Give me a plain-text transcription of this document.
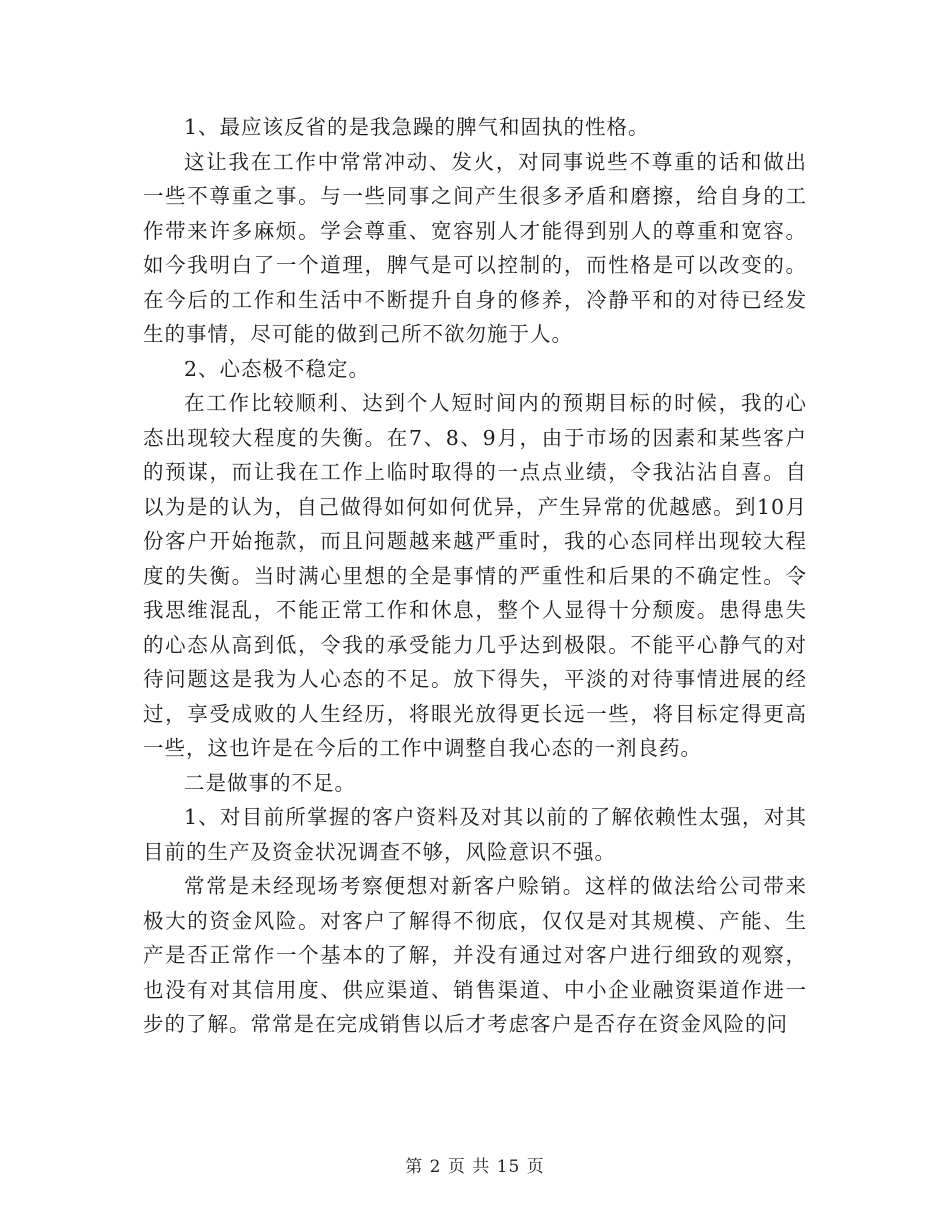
1、最应该反省的是我急躁的脾气和固执的性格。

这让我在工作中常常冲动、发火，对同事说些不尊重的话和做出一些不尊重之事。与一些同事之间产生很多矛盾和磨擦，给自身的工作带来许多麻烦。学会尊重、宽容别人才能得到别人的尊重和宽容。如今我明白了一个道理，脾气是可以控制的，而性格是可以改变的。在今后的工作和生活中不断提升自身的修养，冷静平和的对待已经发生的事情，尽可能的做到己所不欲勿施于人。

2、心态极不稳定。

在工作比较顺利、达到个人短时间内的预期目标的时候，我的心态出现较大程度的失衡。在7、8、9月，由于市场的因素和某些客户的预谋，而让我在工作上临时取得的一点点业绩，令我沾沾自喜。自以为是的认为，自己做得如何如何优异，产生异常的优越感。到10月份客户开始拖款，而且问题越来越严重时，我的心态同样出现较大程度的失衡。当时满心里想的全是事情的严重性和后果的不确定性。令我思维混乱，不能正常工作和休息，整个人显得十分颓废。患得患失的心态从高到低，令我的承受能力几乎达到极限。不能平心静气的对待问题这是我为人心态的不足。放下得失，平淡的对待事情进展的经过，享受成败的人生经历，将眼光放得更长远一些，将目标定得更高一些，这也许是在今后的工作中调整自我心态的一剂良药。

二是做事的不足。

1、对目前所掌握的客户资料及对其以前的了解依赖性太强，对其目前的生产及资金状况调查不够，风险意识不强。

常常是未经现场考察便想对新客户赊销。这样的做法给公司带来极大的资金风险。对客户了解得不彻底，仅仅是对其规模、产能、生产是否正常作一个基本的了解，并没有通过对客户进行细致的观察，也没有对其信用度、供应渠道、销售渠道、中小企业融资渠道作进一步的了解。常常是在完成销售以后才考虑客户是否存在资金风险的问

第 2 页 共 15 页
